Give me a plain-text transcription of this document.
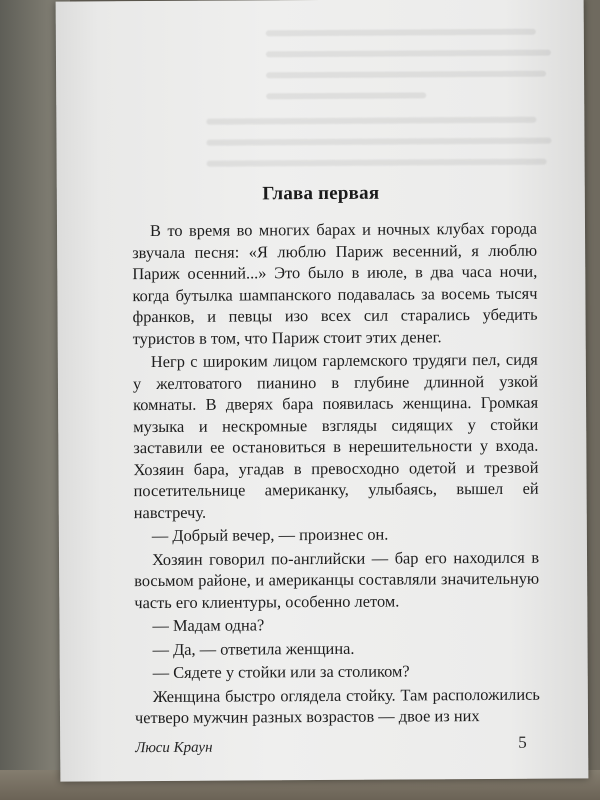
Глава первая

В то время во многих барах и ночных клубах города звучала песня: «Я люблю Париж весенний, я люблю Париж осенний...» Это было в июле, в два часа ночи, когда бутылка шампанского подавалась за восемь тысяч франков, и певцы изо всех сил старались убедить туристов в том, что Париж стоит этих денег.

Негр с широким лицом гарлемского трудяги пел, сидя у желтоватого пианино в глубине длинной узкой комнаты. В дверях бара появилась женщина. Громкая музыка и нескромные взгляды сидящих у стойки заставили ее остановиться в нерешительности у входа. Хозяин бара, угадав в превосходно одетой и трезвой посетительнице американку, улыбаясь, вышел ей навстречу.

— Добрый вечер, — произнес он.

Хозяин говорил по-английски — бар его находился в восьмом районе, и американцы составляли значительную часть его клиентуры, особенно летом.

— Мадам одна?

— Да, — ответила женщина.

— Сядете у стойки или за столиком?

Женщина быстро оглядела стойку. Там расположились четверо мужчин разных возрастов — двое из них

Люси Краун	5
